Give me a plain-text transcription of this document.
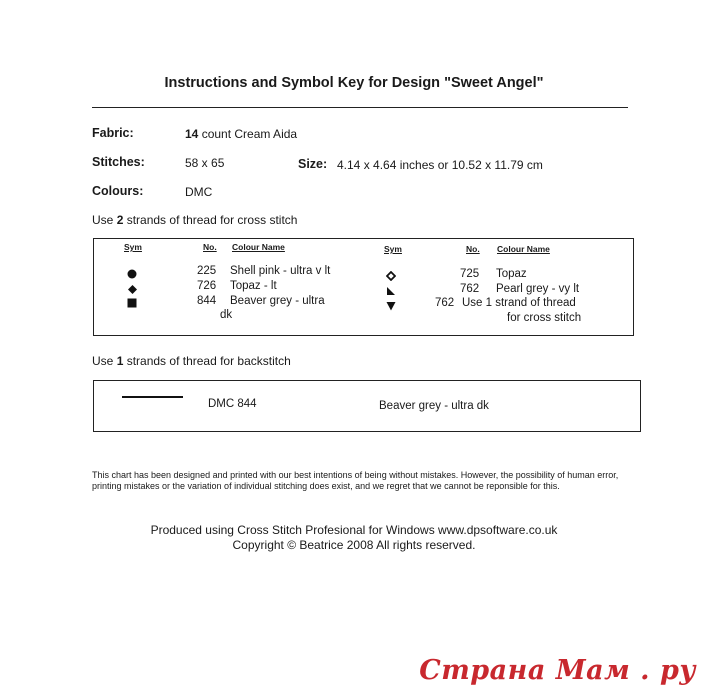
Instructions and Symbol Key for Design "Sweet Angel"
Fabric:	14 count Cream Aida
Stitches:	58 x 65	Size: 4.14 x 4.64 inches or 10.52 x 11.79 cm
Colours:	DMC
Use 2 strands of thread for cross stitch
Sym	No. Colour Name	Sym	No. Colour Name
225 Shell pink - ultra v lt
726 Topaz - lt
844 Beaver grey - ultra
dk
725 Topaz
762 Pearl grey - vy lt
762 Use 1 strand of thread
for cross stitch
Use 1 strands of thread for backstitch
DMC 844	Beaver grey - ultra dk
This chart has been designed and printed with our best intentions of being without mistakes. However, the possibility of human error, printing mistakes or the variation of individual stitching does exist, and we regret that we cannot be reponsible for this.
Produced using Cross Stitch Profesional for Windows www.dpsoftware.co.uk
Copyright © Beatrice 2008 All rights reserved.
Страна Мам . ру
